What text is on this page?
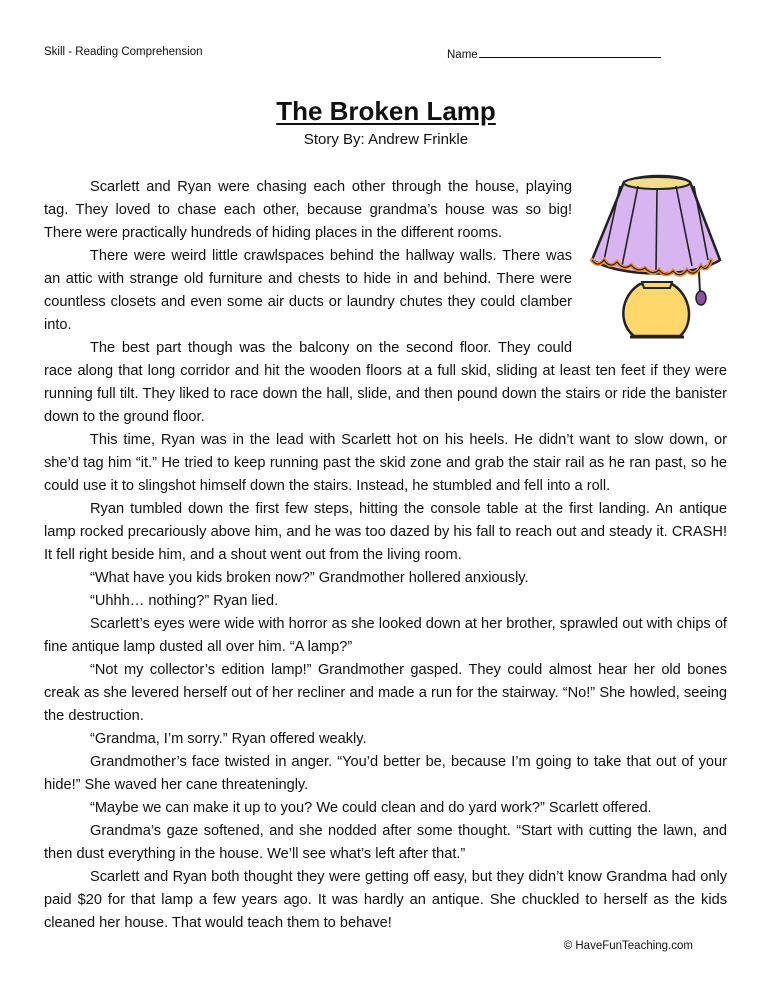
Skill - Reading Comprehension	Name
The Broken Lamp
Story By: Andrew Frinkle

Scarlett and Ryan were chasing each other through the house, playing tag. They loved to chase each other, because grandma’s house was so big! There were practically hundreds of hiding places in the different rooms.

There were weird little crawlspaces behind the hallway walls. There was an attic with strange old furniture and chests to hide in and behind. There were countless closets and even some air ducts or laundry chutes they could clamber into.

The best part though was the balcony on the second floor. They could race along that long corridor and hit the wooden floors at a full skid, sliding at least ten feet if they were running full tilt. They liked to race down the hall, slide, and then pound down the stairs or ride the banister down to the ground floor.

This time, Ryan was in the lead with Scarlett hot on his heels. He didn’t want to slow down, or she’d tag him “it.” He tried to keep running past the skid zone and grab the stair rail as he ran past, so he could use it to slingshot himself down the stairs. Instead, he stumbled and fell into a roll.

Ryan tumbled down the first few steps, hitting the console table at the first landing. An antique lamp rocked precariously above him, and he was too dazed by his fall to reach out and steady it. CRASH! It fell right beside him, and a shout went out from the living room.

“What have you kids broken now?” Grandmother hollered anxiously.

“Uhhh… nothing?” Ryan lied.

Scarlett’s eyes were wide with horror as she looked down at her brother, sprawled out with chips of fine antique lamp dusted all over him. “A lamp?”

“Not my collector’s edition lamp!” Grandmother gasped. They could almost hear her old bones creak as she levered herself out of her recliner and made a run for the stairway. “No!” She howled, seeing the destruction.

“Grandma, I’m sorry.” Ryan offered weakly.

Grandmother’s face twisted in anger. “You’d better be, because I’m going to take that out of your hide!” She waved her cane threateningly.

“Maybe we can make it up to you? We could clean and do yard work?” Scarlett offered.

Grandma’s gaze softened, and she nodded after some thought. “Start with cutting the lawn, and then dust everything in the house. We’ll see what’s left after that.”

Scarlett and Ryan both thought they were getting off easy, but they didn’t know Grandma had only paid $20 for that lamp a few years ago. It was hardly an antique. She chuckled to herself as the kids cleaned her house. That would teach them to behave!

© HaveFunTeaching.com
